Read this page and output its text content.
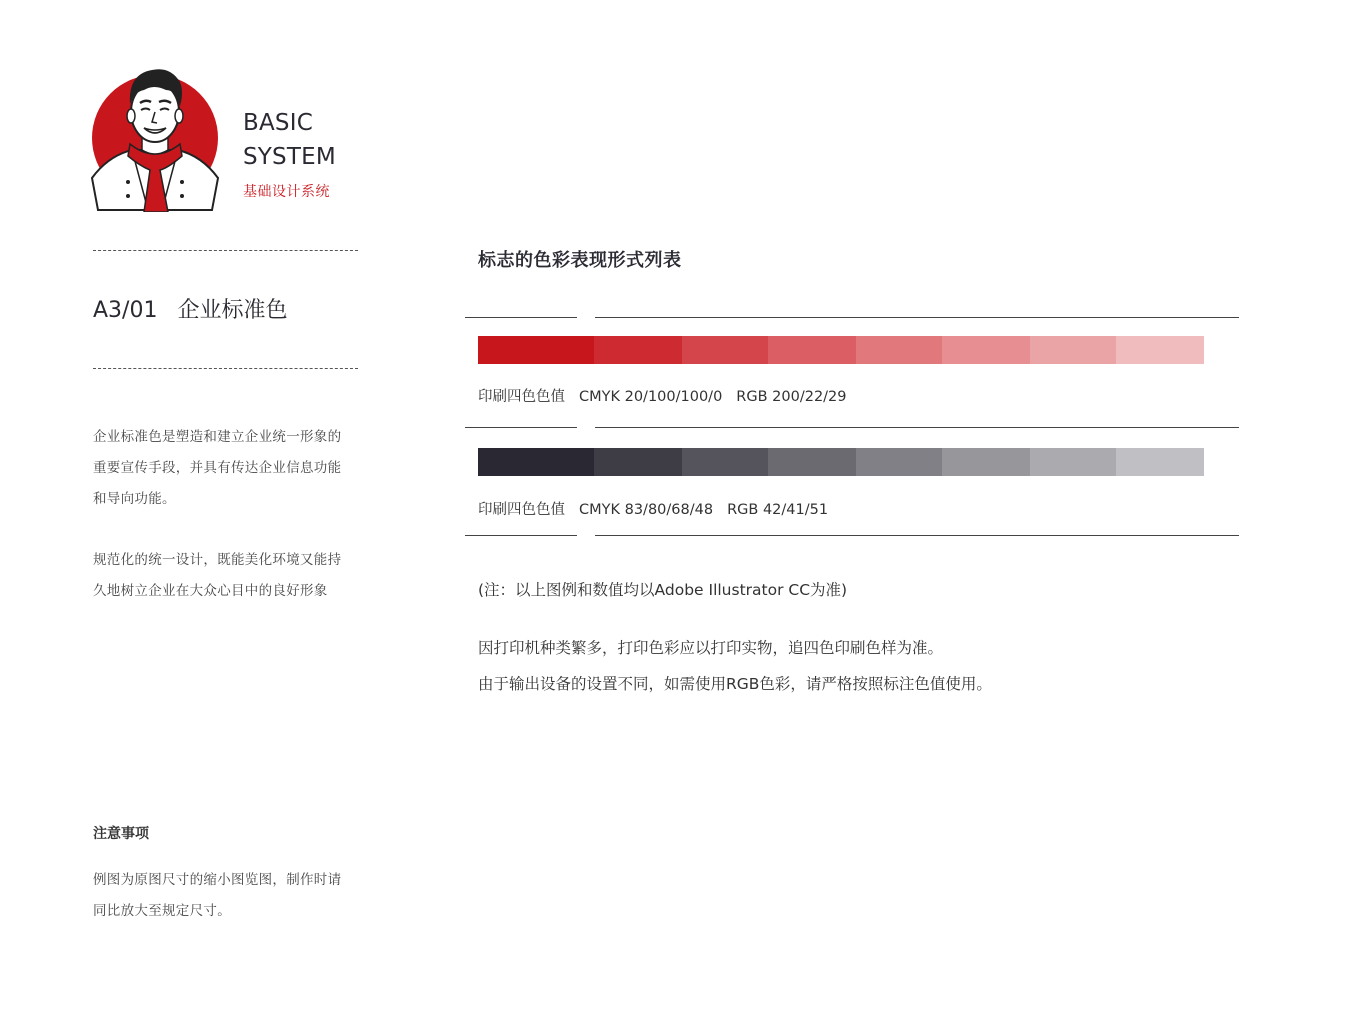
BASIC
SYSTEM
基础设计系统
A3/01 企业标准色
企业标准色是塑造和建立企业统一形象的
重要宣传手段，并具有传达企业信息功能
和导向功能。
规范化的统一设计，既能美化环境又能持
久地树立企业在大众心目中的良好形象
注意事项
例图为原图尺寸的缩小图览图，制作时请
同比放大至规定尺寸。
标志的色彩表现形式列表
印刷四色色值 CMYK 20/100/100/0 RGB 200/22/29
印刷四色色值 CMYK 83/80/68/48 RGB 42/41/51
(注：以上图例和数值均以Adobe Illustrator CC为准)
因打印机种类繁多，打印色彩应以打印实物，追四色印刷色样为准。
由于输出设备的设置不同，如需使用RGB色彩，请严格按照标注色值使用。
